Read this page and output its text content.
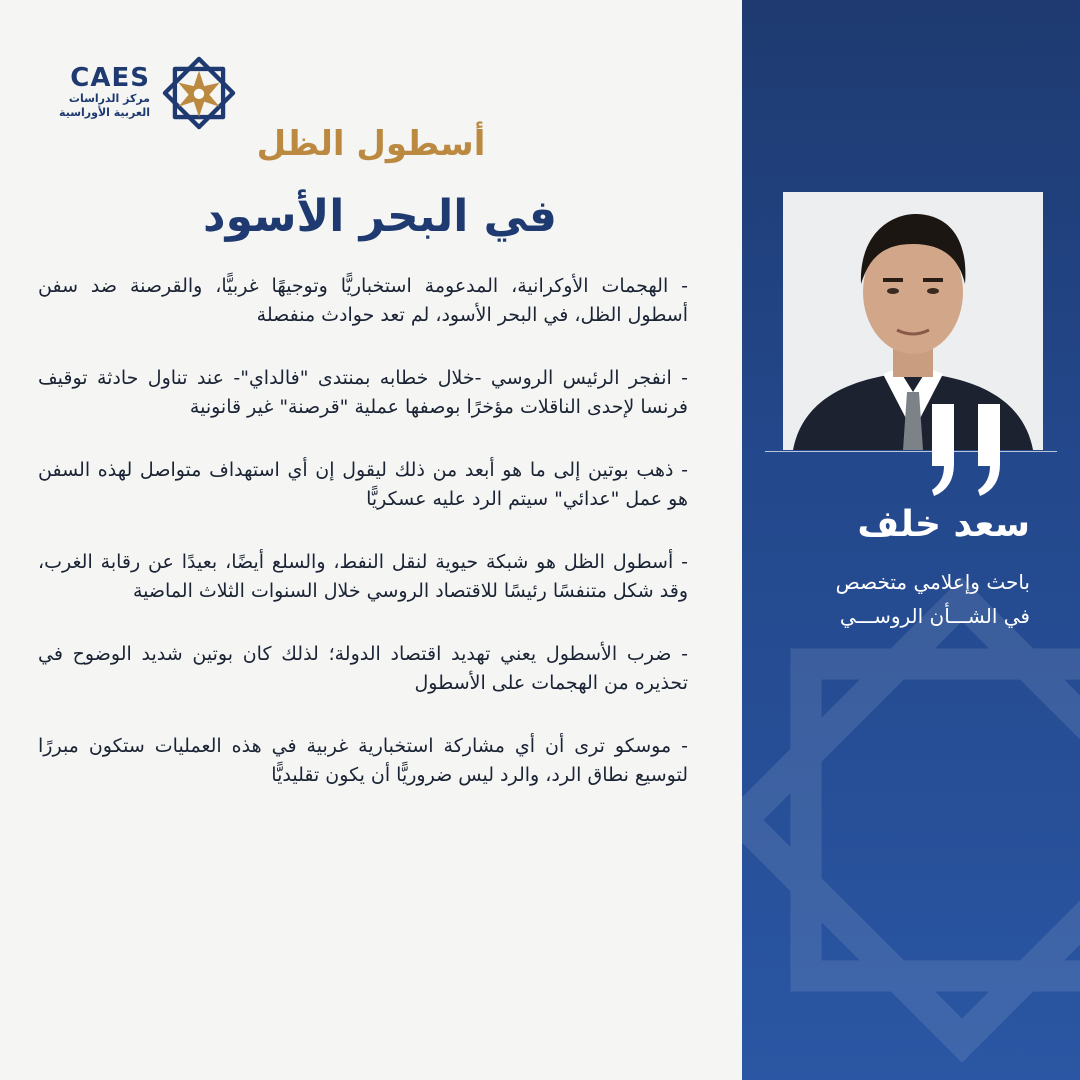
CAES
مركز الدراسات
العربية الأوراسية
أسطول الظل
في البحر الأسود

- الهجمات الأوكرانية، المدعومة استخباريًّا وتوجيهًا غربيًّا، والقرصنة ضد سفن أسطول الظل، في البحر الأسود، لم تعد حوادث منفصلة

- انفجر الرئيس الروسي -خلال خطابه بمنتدى "فالداي"- عند تناول حادثة توقيف فرنسا لإحدى الناقلات مؤخرًا بوصفها عملية "قرصنة" غير قانونية

- ذهب بوتين إلى ما هو أبعد من ذلك ليقول إن أي استهداف متواصل لهذه السفن هو عمل "عدائي" سيتم الرد عليه عسكريًّا

- أسطول الظل هو شبكة حيوية لنقل النفط، والسلع أيضًا، بعيدًا عن رقابة الغرب، وقد شكل متنفسًا رئيسًا للاقتصاد الروسي خلال السنوات الثلاث الماضية

- ضرب الأسطول يعني تهديد اقتصاد الدولة؛ لذلك كان بوتين شديد الوضوح في تحذيره من الهجمات على الأسطول

- موسكو ترى أن أي مشاركة استخبارية غربية في هذه العمليات ستكون مبررًا لتوسيع نطاق الرد، والرد ليس ضروريًّا أن يكون تقليديًّا

سعد خلف
باحث وإعلامي متخصص
في الشـــأن الروســـي
